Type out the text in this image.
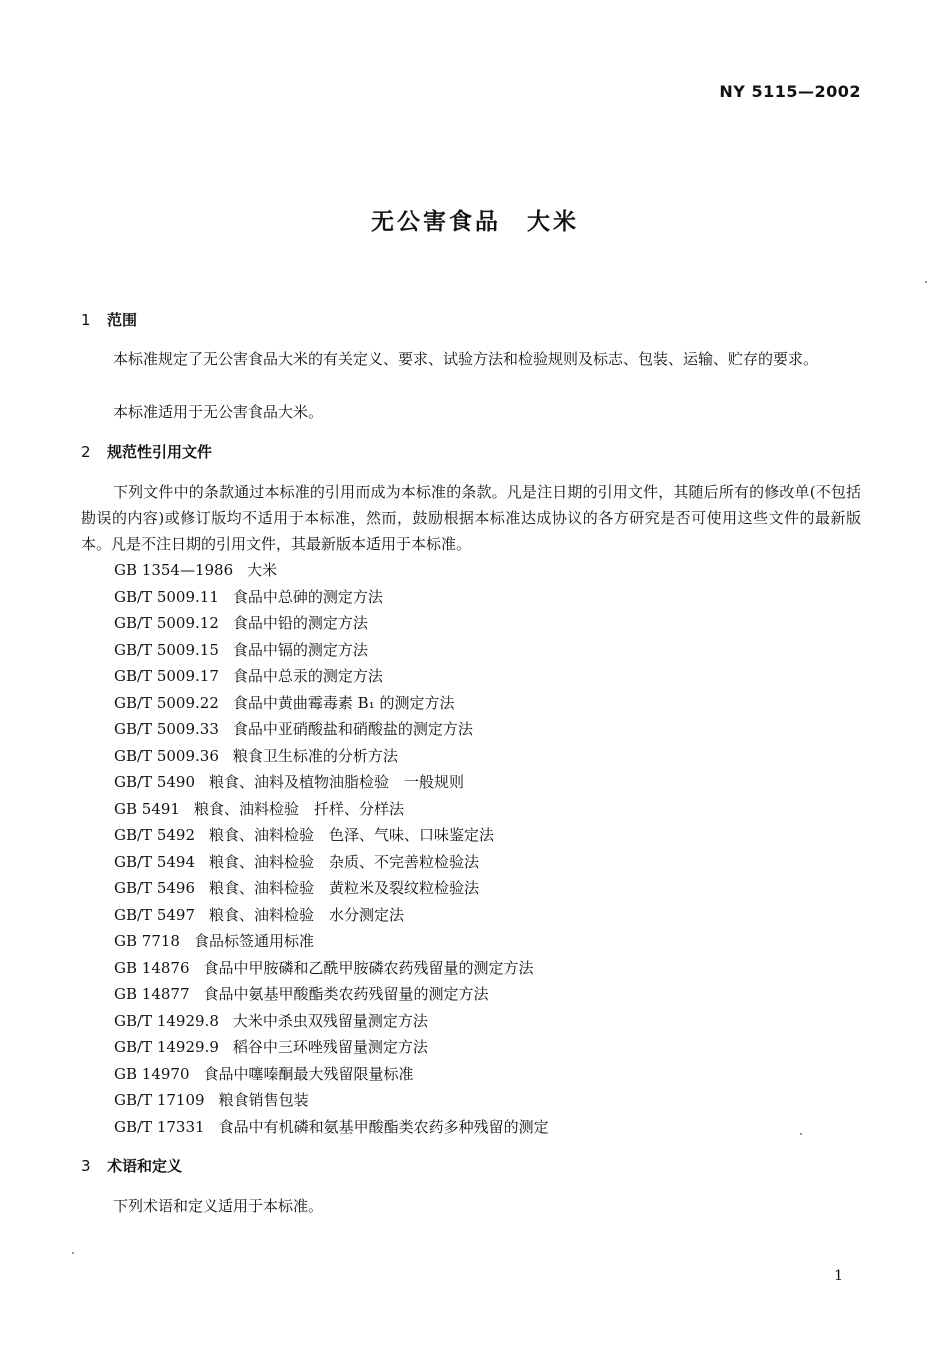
NY 5115—2002
无公害食品 大米
1 范围

本标准规定了无公害食品大米的有关定义、要求、试验方法和检验规则及标志、包装、运输、贮存的要求。

本标准适用于无公害食品大米。

2 规范性引用文件

下列文件中的条款通过本标准的引用而成为本标准的条款。凡是注日期的引用文件，其随后所有的修改单(不包括勘误的内容)或修订版均不适用于本标准，然而，鼓励根据本标准达成协议的各方研究是否可使用这些文件的最新版本。凡是不注日期的引用文件，其最新版本适用于本标准。

GB 1354—1986 大米
GB/T 5009.11 食品中总砷的测定方法
GB/T 5009.12 食品中铅的测定方法
GB/T 5009.15 食品中镉的测定方法
GB/T 5009.17 食品中总汞的测定方法
GB/T 5009.22 食品中黄曲霉毒素 B₁ 的测定方法
GB/T 5009.33 食品中亚硝酸盐和硝酸盐的测定方法
GB/T 5009.36 粮食卫生标准的分析方法
GB/T 5490 粮食、油料及植物油脂检验　一般规则
GB 5491 粮食、油料检验　扦样、分样法
GB/T 5492 粮食、油料检验　色泽、气味、口味鉴定法
GB/T 5494 粮食、油料检验　杂质、不完善粒检验法
GB/T 5496 粮食、油料检验　黄粒米及裂纹粒检验法
GB/T 5497 粮食、油料检验　水分测定法
GB 7718 食品标签通用标准
GB 14876 食品中甲胺磷和乙酰甲胺磷农药残留量的测定方法
GB 14877 食品中氨基甲酸酯类农药残留量的测定方法
GB/T 14929.8 大米中杀虫双残留量测定方法
GB/T 14929.9 稻谷中三环唑残留量测定方法
GB 14970 食品中噻嗪酮最大残留限量标准
GB/T 17109 粮食销售包装
GB/T 17331 食品中有机磷和氨基甲酸酯类农药多种残留的测定
3 术语和定义

下列术语和定义适用于本标准。

1
